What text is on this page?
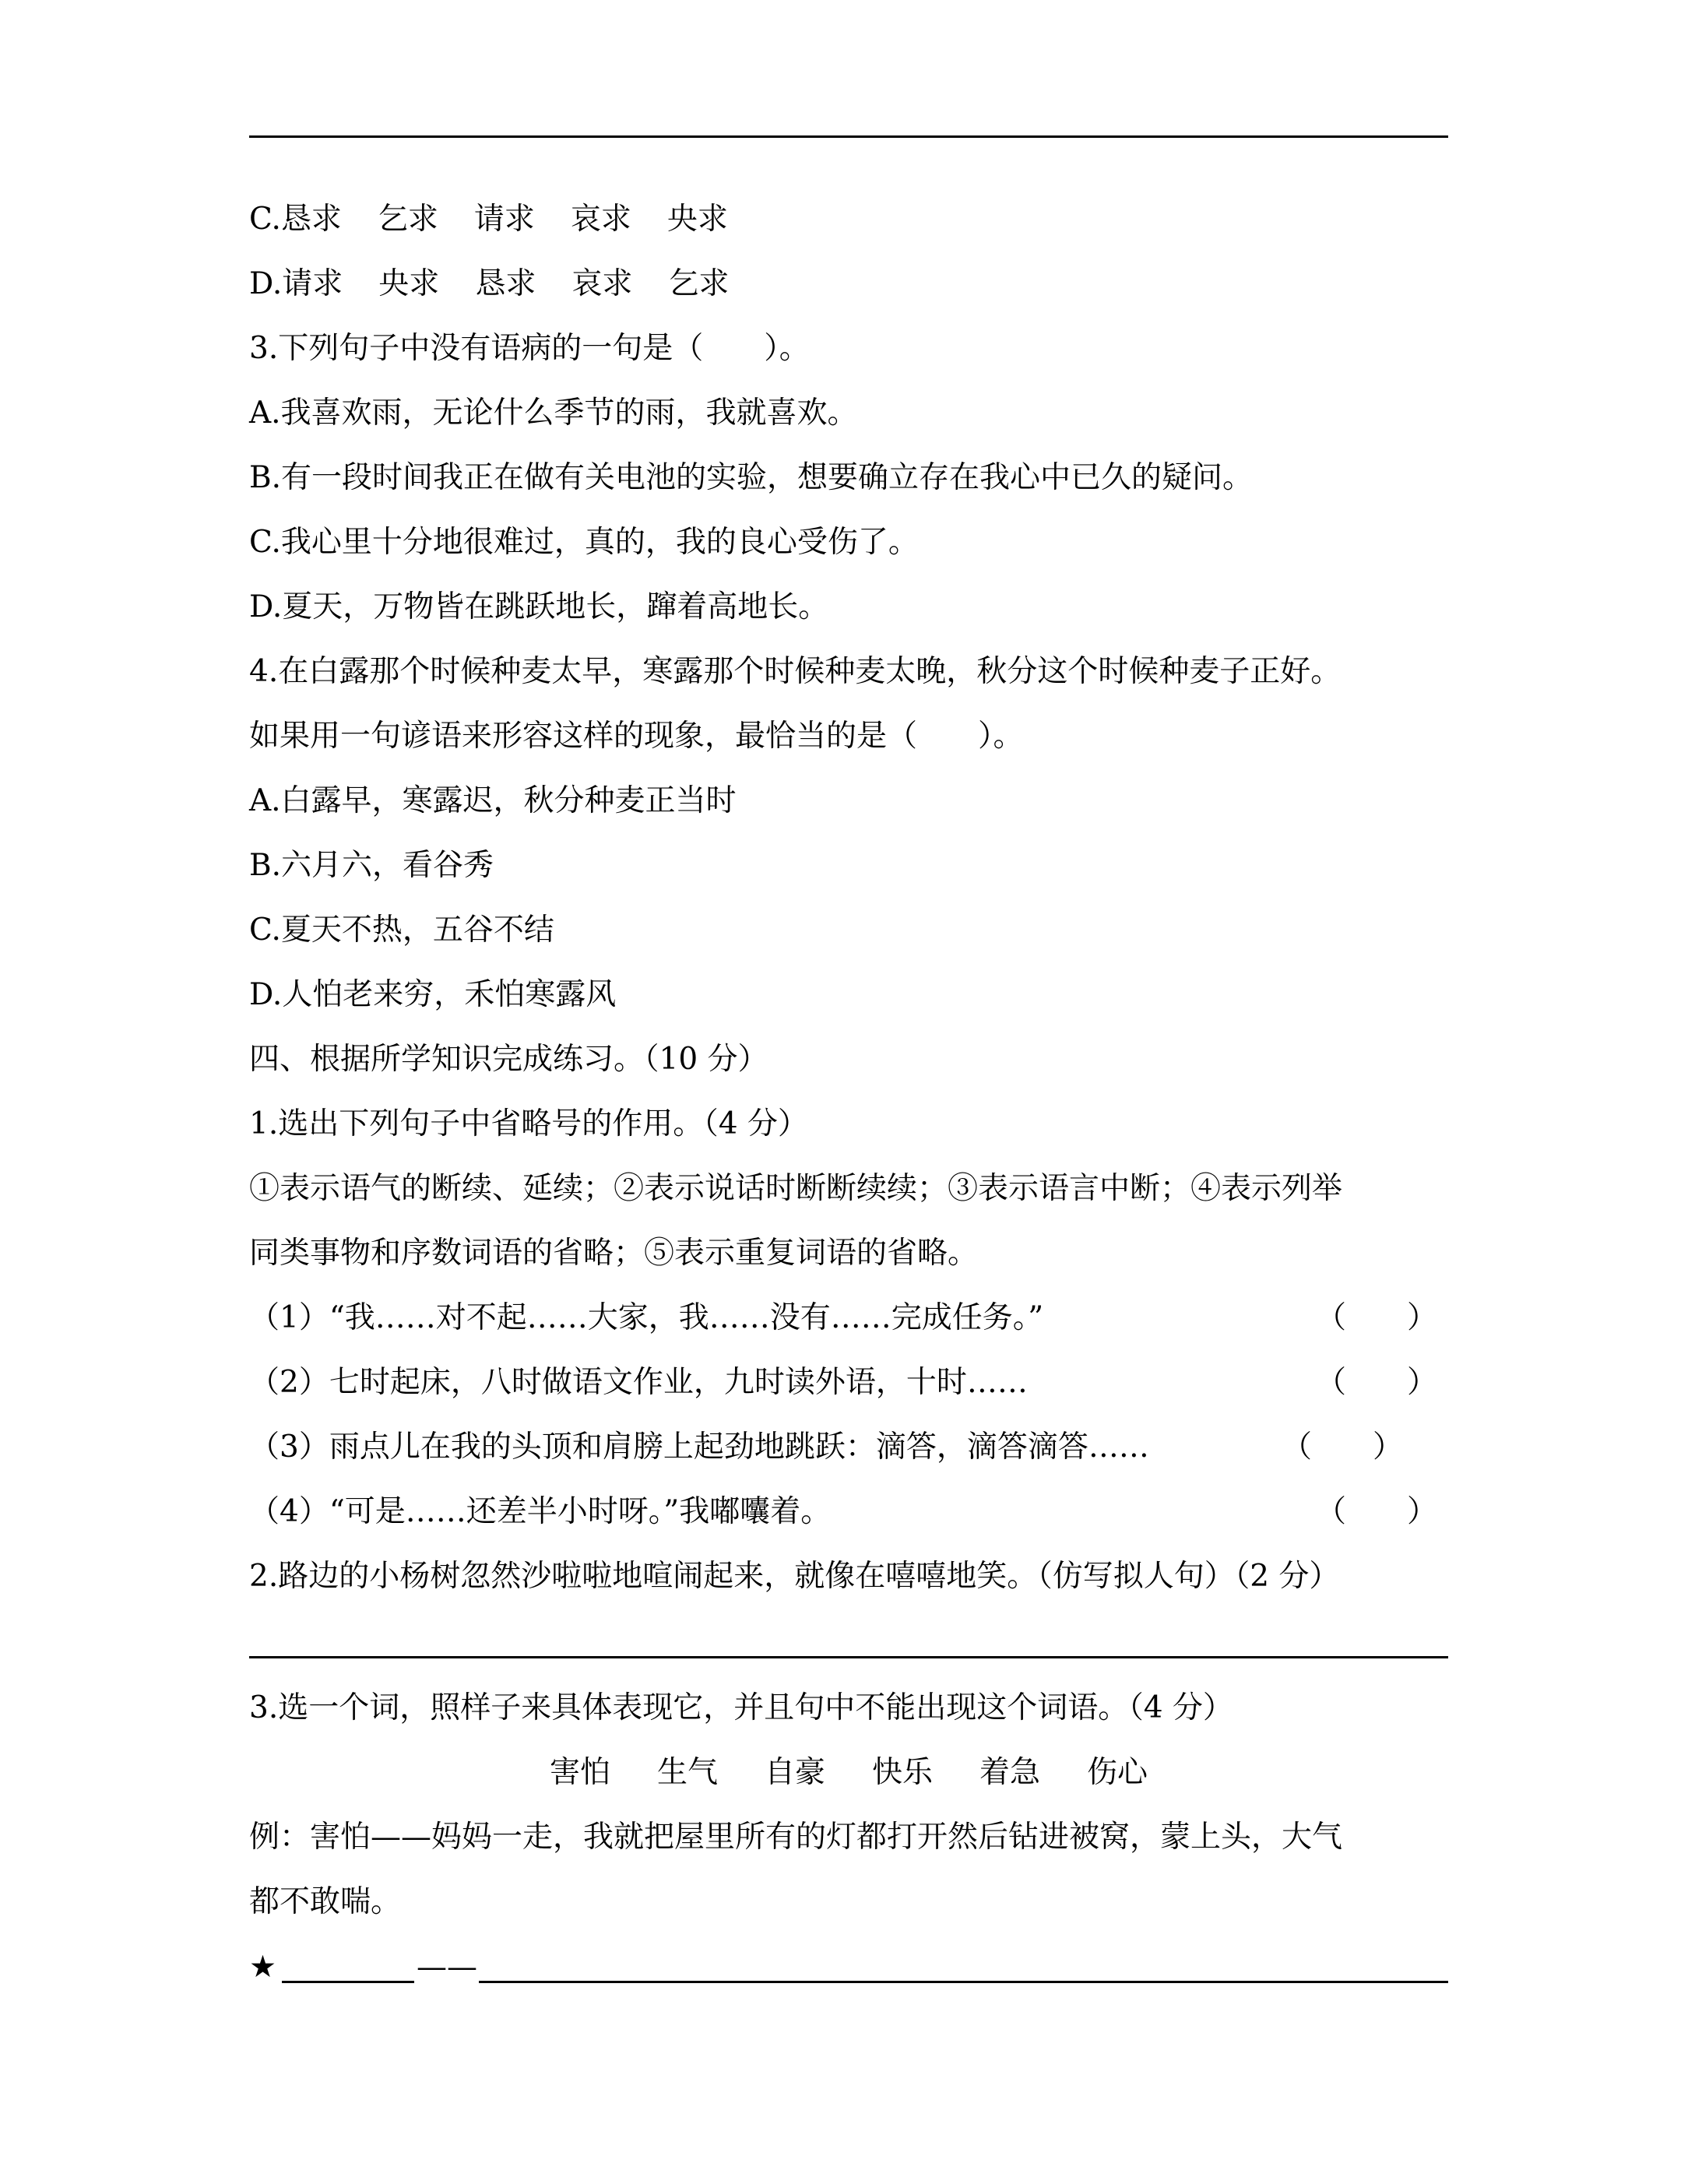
C.恳求 乞求 请求 哀求 央求
D.请求 央求 恳求 哀求 乞求
3.下列句子中没有语病的一句是（　　）。
A.我喜欢雨，无论什么季节的雨，我就喜欢。
B.有一段时间我正在做有关电池的实验，想要确立存在我心中已久的疑问。
C.我心里十分地很难过，真的，我的良心受伤了。
D.夏天，万物皆在跳跃地长，蹿着高地长。
4.在白露那个时候种麦太早，寒露那个时候种麦太晚，秋分这个时候种麦子正好。
如果用一句谚语来形容这样的现象，最恰当的是（　　）。
A.白露早，寒露迟，秋分种麦正当时
B.六月六，看谷秀
C.夏天不热，五谷不结
D.人怕老来穷，禾怕寒露风
四、根据所学知识完成练习。（10 分）
1.选出下列句子中省略号的作用。（4 分）
①表示语气的断续、延续；②表示说话时断断续续；③表示语言中断；④表示列举
同类事物和序数词语的省略；⑤表示重复词语的省略。
（1）“我……对不起……大家，我……没有……完成任务。”	（　　）
（2）七时起床，八时做语文作业，九时读外语，十时……	（　　）
（3）雨点儿在我的头顶和肩膀上起劲地跳跃：滴答，滴答滴答……	（　　）
（4）“可是……还差半小时呀。”我嘟囔着。	（　　）
2.路边的小杨树忽然沙啦啦地喧闹起来，就像在嘻嘻地笑。（仿写拟人句）（2 分）
3.选一个词，照样子来具体表现它，并且句中不能出现这个词语。（4 分）
害怕 生气 自豪 快乐 着急 伤心
例：害怕——妈妈一走，我就把屋里所有的灯都打开然后钻进被窝，蒙上头，大气
都不敢喘。
★	——
